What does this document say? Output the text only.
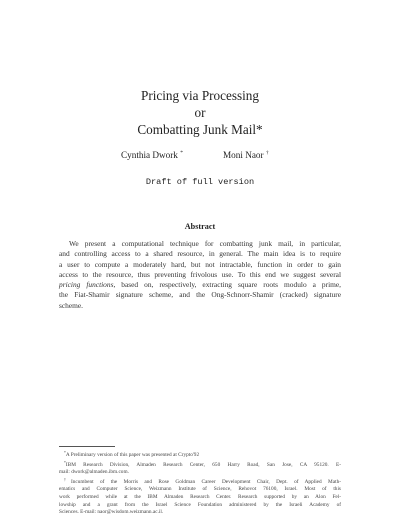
Pricing via Processing
or
Combatting Junk Mail*
Cynthia Dwork *	Moni Naor †
Draft of full version
Abstract
We present a computational technique for combatting junk mail, in particular,
and controlling access to a shared resource, in general. The main idea is to require
a user to compute a moderately hard, but not intractable, function in order to gain
access to the resource, thus preventing frivolous use. To this end we suggest several
pricing functions, based on, respectively, extracting square roots modulo a prime,
the Fiat-Shamir signature scheme, and the Ong-Schnorr-Shamir (cracked) signature
scheme.
*A Preliminary version of this paper was presented at Crypto'92
*IBM Research Division, Almaden Research Center, 650 Harry Road, San Jose, CA 95120. E-
mail: dwork@almaden.ibm.com.
†Incumbent of the Morris and Rose Goldman Career Development Chair, Dept. of Applied Math-
ematics and Computer Science, Weizmann Institute of Science, Rehovot 76100, Israel. Most of this
work performed while at the IBM Almaden Research Center. Research supported by an Alon Fel-
lowship and a grant from the Israel Science Foundation administered by the Israeli Academy of
Sciences. E-mail: naor@wisdom.weizmann.ac.il.
